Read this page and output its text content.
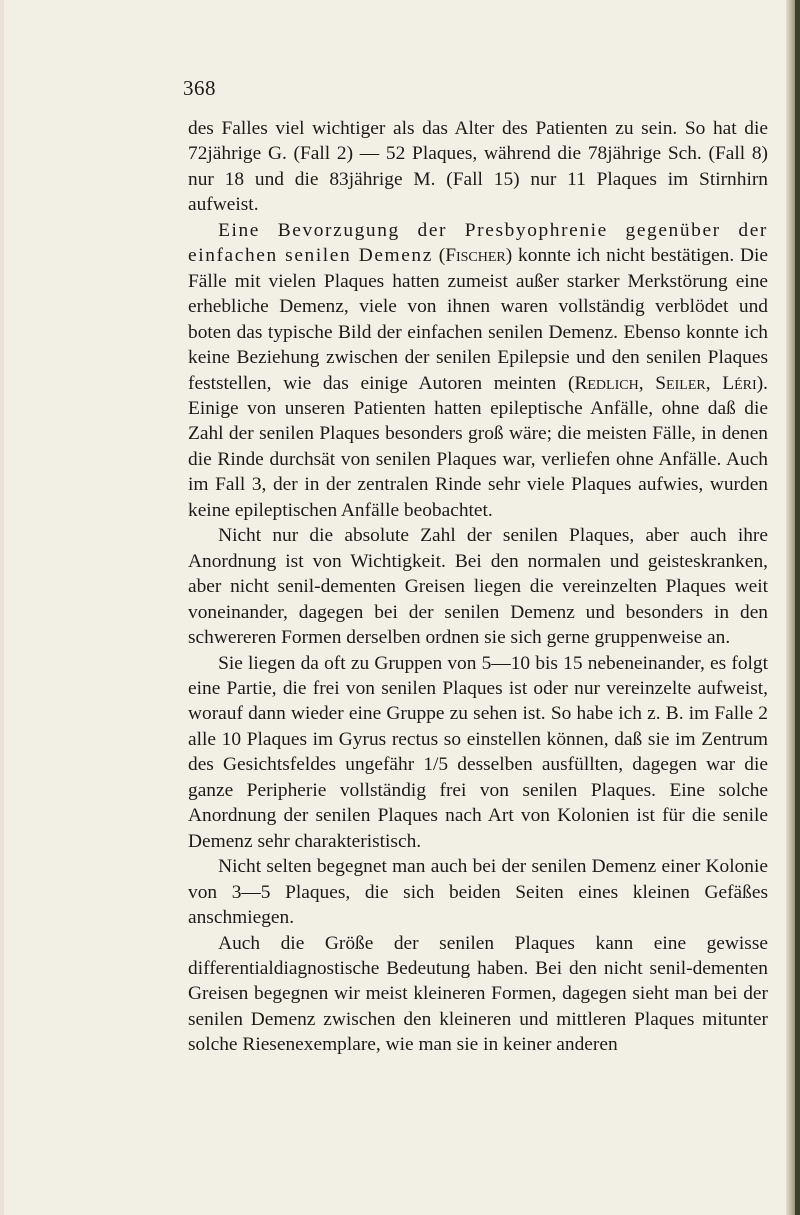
368

des Falles viel wichtiger als das Alter des Patienten zu sein. So hat die 72jährige G. (Fall 2) — 52 Plaques, während die 78jährige Sch. (Fall 8) nur 18 und die 83jährige M. (Fall 15) nur 11 Plaques im Stirnhirn aufweist.

Eine Bevorzugung der Presbyophrenie gegenüber der einfachen senilen Demenz (Fischer) konnte ich nicht bestätigen. Die Fälle mit vielen Plaques hatten zumeist außer starker Merkstörung eine erhebliche Demenz, viele von ihnen waren vollständig verblödet und boten das typische Bild der einfachen senilen Demenz. Ebenso konnte ich keine Beziehung zwischen der senilen Epilepsie und den senilen Plaques feststellen, wie das einige Autoren meinten (Redlich, Seiler, Léri). Einige von unseren Patienten hatten epileptische Anfälle, ohne daß die Zahl der senilen Plaques besonders groß wäre; die meisten Fälle, in denen die Rinde durchsät von senilen Plaques war, verliefen ohne Anfälle. Auch im Fall 3, der in der zentralen Rinde sehr viele Plaques aufwies, wurden keine epileptischen Anfälle beobachtet.

Nicht nur die absolute Zahl der senilen Plaques, aber auch ihre Anordnung ist von Wichtigkeit. Bei den normalen und geisteskranken, aber nicht senil-dementen Greisen liegen die vereinzelten Plaques weit voneinander, dagegen bei der senilen Demenz und besonders in den schwereren Formen derselben ordnen sie sich gerne gruppenweise an.

Sie liegen da oft zu Gruppen von 5—10 bis 15 nebeneinander, es folgt eine Partie, die frei von senilen Plaques ist oder nur vereinzelte aufweist, worauf dann wieder eine Gruppe zu sehen ist. So habe ich z. B. im Falle 2 alle 10 Plaques im Gyrus rectus so einstellen können, daß sie im Zentrum des Gesichtsfeldes ungefähr 1/5 desselben ausfüllten, dagegen war die ganze Peripherie vollständig frei von senilen Plaques. Eine solche Anordnung der senilen Plaques nach Art von Kolonien ist für die senile Demenz sehr charakteristisch.

Nicht selten begegnet man auch bei der senilen Demenz einer Kolonie von 3—5 Plaques, die sich beiden Seiten eines kleinen Gefäßes anschmiegen.

Auch die Größe der senilen Plaques kann eine gewisse differentialdiagnostische Bedeutung haben. Bei den nicht senil-dementen Greisen begegnen wir meist kleineren Formen, dagegen sieht man bei der senilen Demenz zwischen den kleineren und mittleren Plaques mitunter solche Riesenexemplare, wie man sie in keiner anderen
